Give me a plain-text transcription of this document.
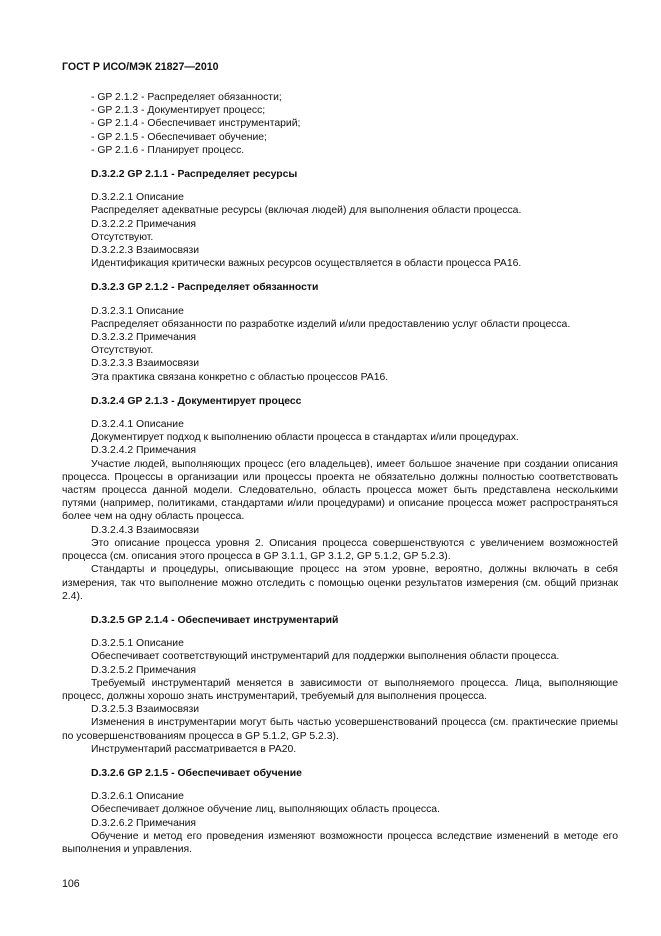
ГОСТ Р ИСО/МЭК 21827—2010
- GP 2.1.2 - Распределяет обязанности;
- GP 2.1.3 - Документирует процесс;
- GP 2.1.4 - Обеспечивает инструментарий;
- GP 2.1.5 - Обеспечивает обучение;
- GP 2.1.6 - Планирует процесс.
D.3.2.2 GP 2.1.1 - Распределяет ресурсы
D.3.2.2.1 Описание
Распределяет адекватные ресурсы (включая людей) для выполнения области процесса.
D.3.2.2.2 Примечания
Отсутствуют.
D.3.2.2.3 Взаимосвязи
Идентификация критически важных ресурсов осуществляется в области процесса PA16.
D.3.2.3 GP 2.1.2 - Распределяет обязанности
D.3.2.3.1 Описание
Распределяет обязанности по разработке изделий и/или предоставлению услуг области процесса.
D.3.2.3.2 Примечания
Отсутствуют.
D.3.2.3.3 Взаимосвязи
Эта практика связана конкретно с областью процессов PA16.
D.3.2.4 GP 2.1.3 - Документирует процесс
D.3.2.4.1 Описание
Документирует подход к выполнению области процесса в стандартах и/или процедурах.
D.3.2.4.2 Примечания
Участие людей, выполняющих процесс (его владельцев), имеет большое значение при создании описания процесса. Процессы в организации или процессы проекта не обязательно должны полностью соответствовать частям процесса данной модели. Следовательно, область процесса может быть представлена несколькими путями (например, политиками, стандартами и/или процедурами) и описание процесса может распространяться более чем на одну область процесса.
D.3.2.4.3 Взаимосвязи
Это описание процесса уровня 2. Описания процесса совершенствуются с увеличением возможностей процесса (см. описания этого процесса в GP 3.1.1, GP 3.1.2, GP 5.1.2, GP 5.2.3).
Стандарты и процедуры, описывающие процесс на этом уровне, вероятно, должны включать в себя измерения, так что выполнение можно отследить с помощью оценки результатов измерения (см. общий признак 2.4).
D.3.2.5 GP 2.1.4 - Обеспечивает инструментарий
D.3.2.5.1 Описание
Обеспечивает соответствующий инструментарий для поддержки выполнения области процесса.
D.3.2.5.2 Примечания
Требуемый инструментарий меняется в зависимости от выполняемого процесса. Лица, выполняющие процесс, должны хорошо знать инструментарий, требуемый для выполнения процесса.
D.3.2.5.3 Взаимосвязи
Изменения в инструментарии могут быть частью усовершенствований процесса (см. практические приемы по усовершенствованиям процесса в GP 5.1.2, GP 5.2.3).
Инструментарий рассматривается в PA20.
D.3.2.6 GP 2.1.5 - Обеспечивает обучение
D.3.2.6.1 Описание
Обеспечивает должное обучение лиц, выполняющих область процесса.
D.3.2.6.2 Примечания
Обучение и метод его проведения изменяют возможности процесса вследствие изменений в методе его выполнения и управления.
106
